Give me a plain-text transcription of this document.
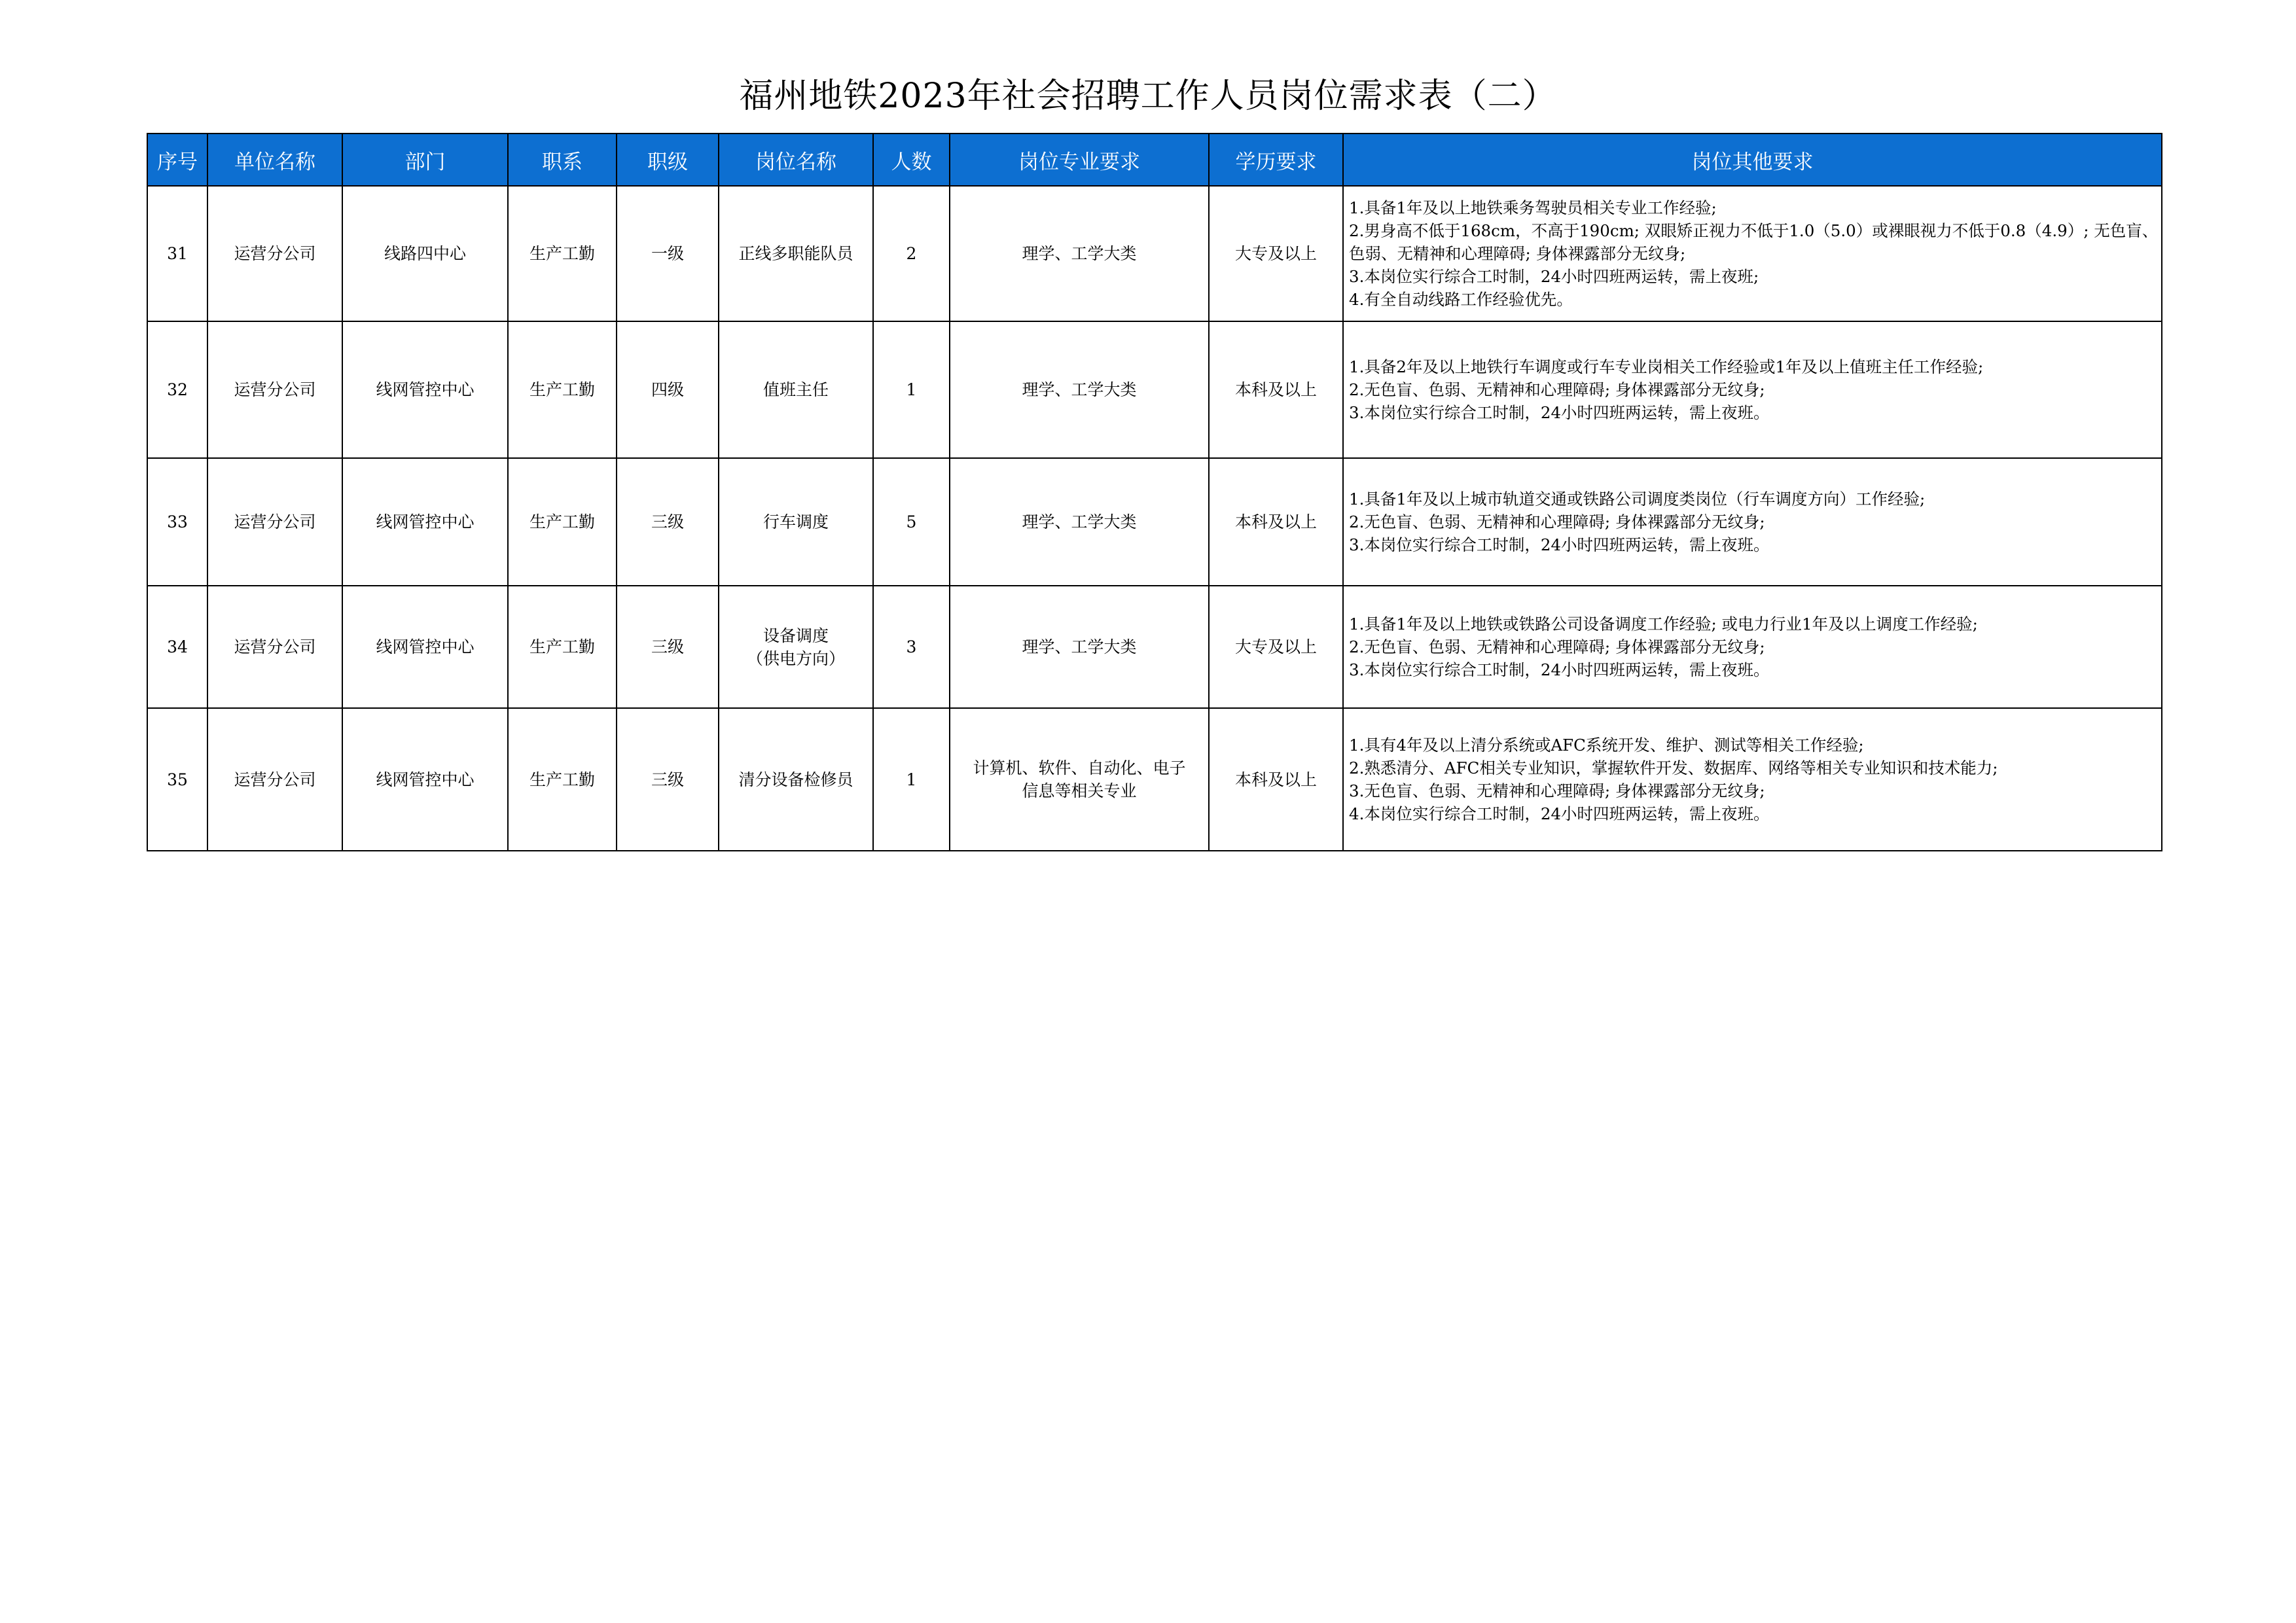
福州地铁2023年社会招聘工作人员岗位需求表（二）
序号	单位名称	部门	职系	职级	岗位名称	人数	岗位专业要求	学历要求	岗位其他要求
31	运营分公司	线路四中心	生产工勤	一级	正线多职能队员	2	理学、工学大类	大专及以上	1.具备1年及以上地铁乘务驾驶员相关专业工作经验;
2.男身高不低于168cm，不高于190cm; 双眼矫正视力不低于1.0（5.0）或裸眼视力不低于0.8（4.9）; 无色盲、色弱、无精神和心理障碍; 身体裸露部分无纹身;
3.本岗位实行综合工时制，24小时四班两运转，需上夜班;
4.有全自动线路工作经验优先。

32	运营分公司	线网管控中心	生产工勤	四级	值班主任	1	理学、工学大类	本科及以上	1.具备2年及以上地铁行车调度或行车专业岗相关工作经验或1年及以上值班主任工作经验;
2.无色盲、色弱、无精神和心理障碍; 身体裸露部分无纹身;
3.本岗位实行综合工时制，24小时四班两运转，需上夜班。

33	运营分公司	线网管控中心	生产工勤	三级	行车调度	5	理学、工学大类	本科及以上	1.具备1年及以上城市轨道交通或铁路公司调度类岗位（行车调度方向）工作经验;
2.无色盲、色弱、无精神和心理障碍; 身体裸露部分无纹身;
3.本岗位实行综合工时制，24小时四班两运转，需上夜班。

34	运营分公司	线网管控中心	生产工勤	三级	设备调度
（供电方向）	3	理学、工学大类	大专及以上	1.具备1年及以上地铁或铁路公司设备调度工作经验; 或电力行业1年及以上调度工作经验;
2.无色盲、色弱、无精神和心理障碍; 身体裸露部分无纹身;
3.本岗位实行综合工时制，24小时四班两运转，需上夜班。

35	运营分公司	线网管控中心	生产工勤	三级	清分设备检修员	1	计算机、软件、自动化、电子
信息等相关专业	本科及以上	1.具有4年及以上清分系统或AFC系统开发、维护、测试等相关工作经验;
2.熟悉清分、AFC相关专业知识，掌握软件开发、数据库、网络等相关专业知识和技术能力;
3.无色盲、色弱、无精神和心理障碍; 身体裸露部分无纹身;
4.本岗位实行综合工时制，24小时四班两运转，需上夜班。
